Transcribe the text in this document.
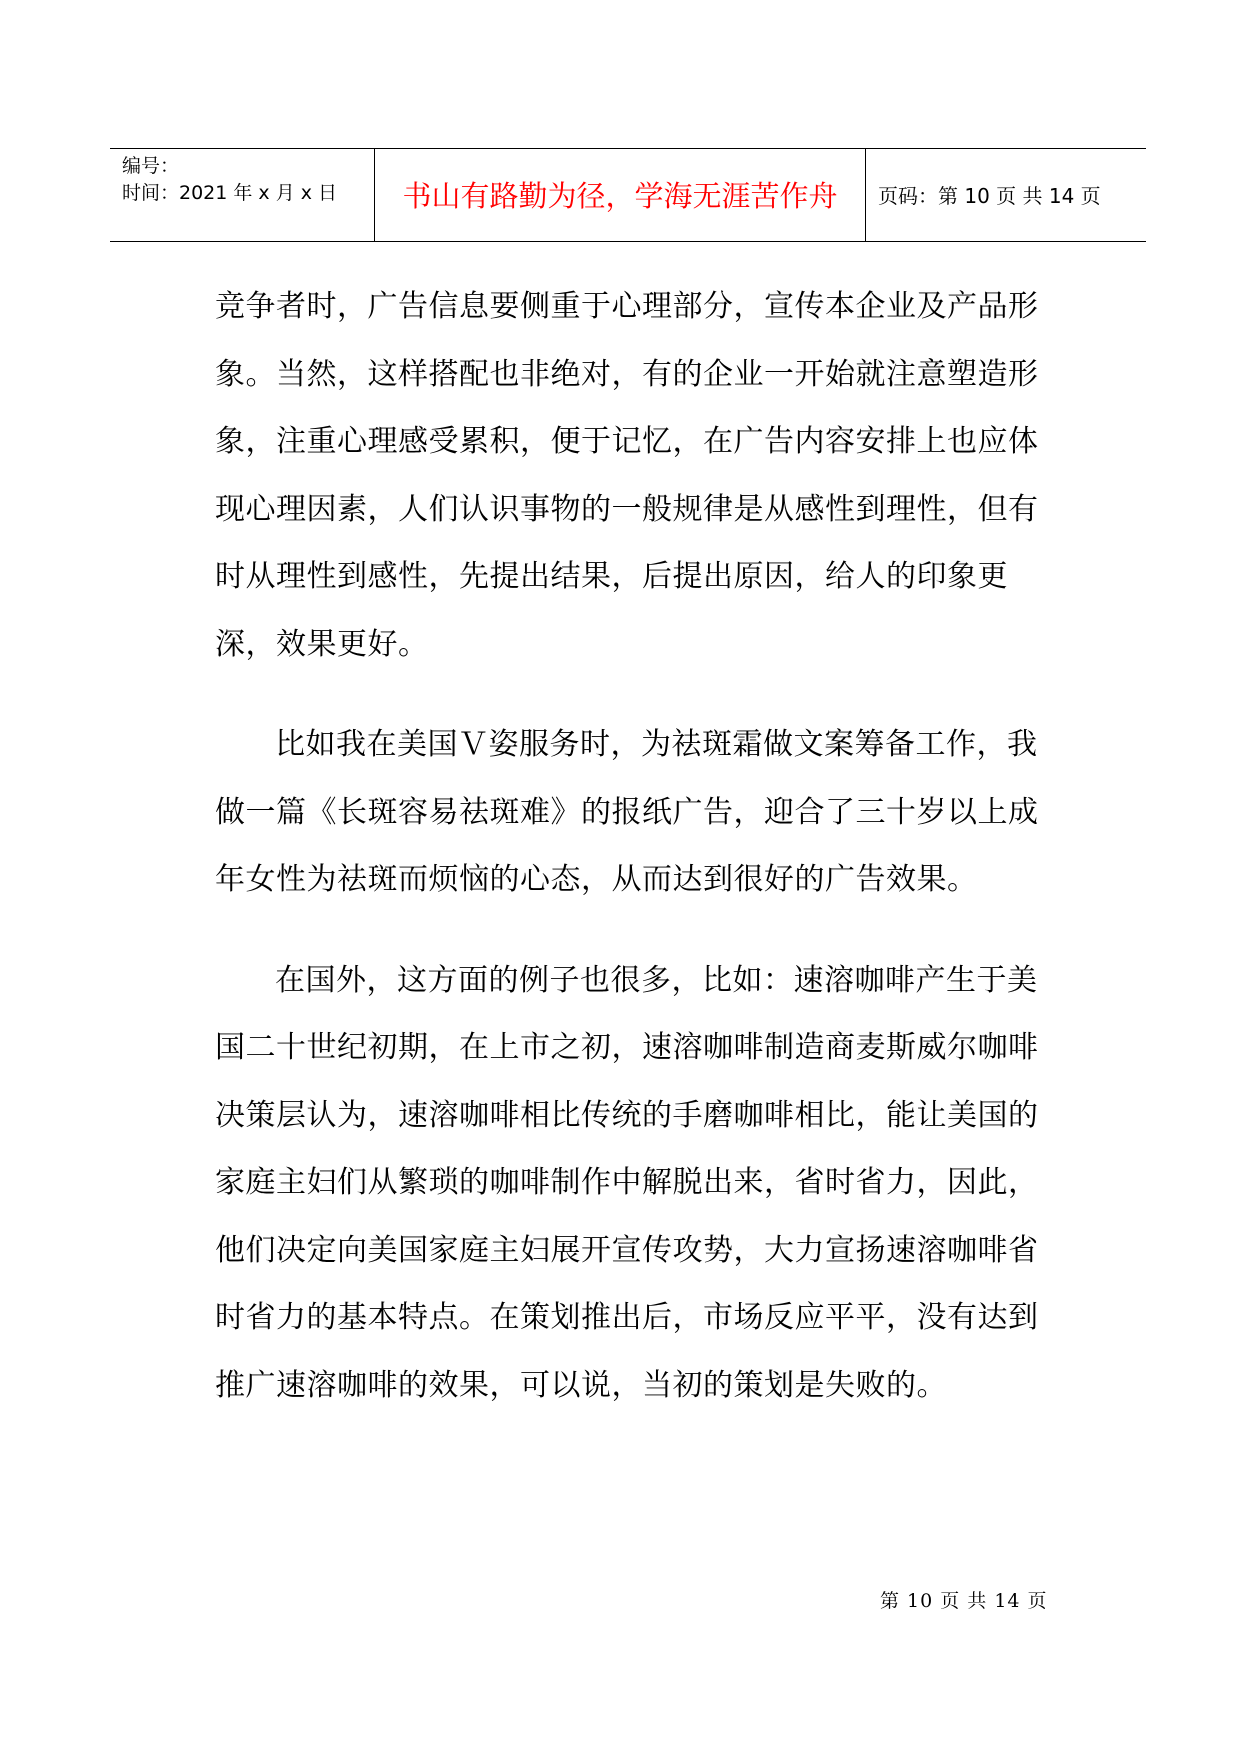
编号：
时间：2021 年 x 月 x 日	书山有路勤为径，学海无涯苦作舟	页码：第 10 页 共 14 页

竞争者时，广告信息要侧重于心理部分，宣传本企业及产品形象。当然，这样搭配也非绝对，有的企业一开始就注意塑造形象，注重心理感受累积，便于记忆，在广告内容安排上也应体现心理因素，人们认识事物的一般规律是从感性到理性，但有时从理性到感性，先提出结果，后提出原因，给人的印象更深，效果更好。

比如我在美国Ｖ姿服务时，为祛斑霜做文案筹备工作，我做一篇《长斑容易祛斑难》的报纸广告，迎合了三十岁以上成年女性为祛斑而烦恼的心态，从而达到很好的广告效果。

在国外，这方面的例子也很多，比如：速溶咖啡产生于美国二十世纪初期，在上市之初，速溶咖啡制造商麦斯威尔咖啡决策层认为，速溶咖啡相比传统的手磨咖啡相比，能让美国的家庭主妇们从繁琐的咖啡制作中解脱出来，省时省力，因此，他们决定向美国家庭主妇展开宣传攻势，大力宣扬速溶咖啡省时省力的基本特点。在策划推出后，市场反应平平，没有达到推广速溶咖啡的效果，可以说，当初的策划是失败的。

第 10 页 共 14 页
